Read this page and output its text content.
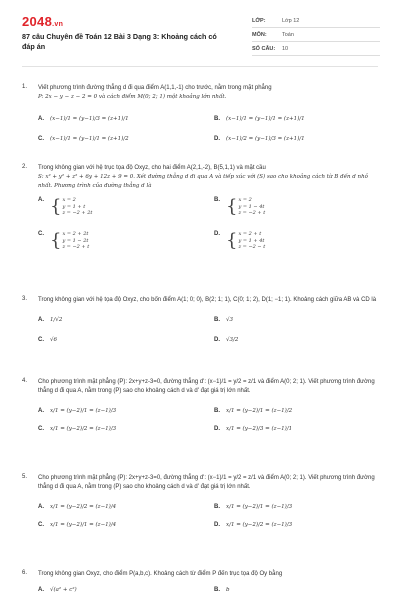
2048.vn
87 câu Chuyên đề Toán 12 Bài 3 Dạng 3: Khoảng cách có đáp án
LỚP:	Lớp 12
MÔN:	Toán
SỐ CÂU:	10
1. Viết phương trình đường thẳng d đi qua điểm A(1,1,-1) cho trước, nằm trong mặt phẳng
P: 2x − y − z − 2 = 0 và cách điểm M(0; 2; 1) một khoảng lớn nhất.
A.	(x−1)/1 = (y−1)/3 = (z+1)/1	B.	(x−1)/1 = (y−1)/1 = (z+1)/1
C.	(x−1)/1 = (y−1)/1 = (z+1)/2	D.	(x−1)/2 = (y−1)/3 = (z+1)/1
2. Trong không gian với hệ trục tọa độ Oxyz, cho hai điểm A(2,1,-2), B(5,1,1) và mặt cầu
S: x² + y² + z² + 6y + 12z + 9 = 0. Xét đường thẳng d đi qua A và tiếp xúc với (S) sao cho khoảng cách từ B đến d nhỏ nhất. Phương trình của đường thẳng d là
A. { x = 2
y = 1 + t
z = −2 + 2t
B. { x = 2
y = 1 − 4t
z = −2 + t
C. { x = 2 + 2t
y = 1 − 2t
z = −2 + t
D. { x = 2 + t
y = 1 + 4t
z = −2 − t
3. Trong không gian với hệ tọa độ Oxyz, cho bốn điểm A(1; 0; 0), B(2; 1; 1), C(0; 1; 2), D(1; −1; 1). Khoảng cách giữa AB và CD là
A.	1/√2	B.	√3
C.	√6	D.	√3/2
4. Cho phương trình mặt phẳng (P): 2x+y+z-3=0, đường thẳng d': (x−1)/1 = y/2 = z/1 và điểm A(0; 2; 1). Viết phương trình đường thẳng d đi qua A, nằm trong (P) sao cho khoảng cách d và d' đạt giá trị lớn nhất.
A.	x/1 = (y−2)/1 = (z−1)/3	B.	x/1 = (y−2)/1 = (z−1)/2
C.	x/1 = (y−2)/2 = (z−1)/3	D.	x/1 = (y−2)/3 = (z−1)/1
5. Cho phương trình mặt phẳng (P): 2x+y+z-3=0, đường thẳng d': (x−1)/1 = y/2 = z/1 và điểm A(0; 2; 1). Viết phương trình đường thẳng d đi qua A, nằm trong (P) sao cho khoảng cách d và d' đạt giá trị lớn nhất.
A.	x/1 = (y−2)/2 = (z−1)/4	B.	x/1 = (y−2)/1 = (z−1)/3
C.	x/1 = (y−2)/1 = (z−1)/4	D.	x/1 = (y−2)/2 = (z−1)/3
6. Trong không gian Oxyz, cho điểm P(a,b,c). Khoảng cách từ điểm P đến trục tọa độ Oy bằng
A.	√(a² + c²)	B.	b
